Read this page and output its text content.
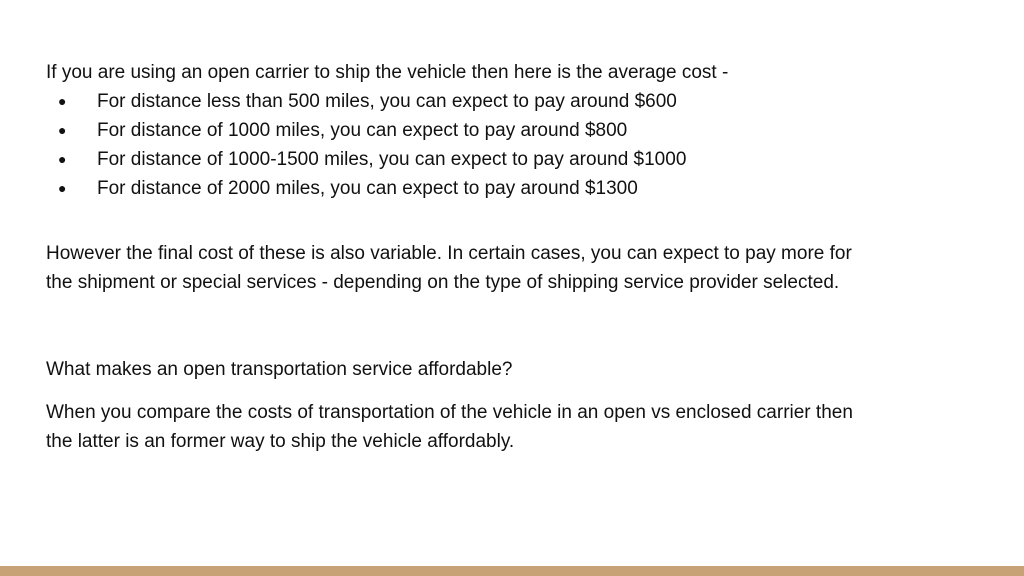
If you are using an open carrier to ship the vehicle then here is the average cost -

● For distance less than 500 miles, you can expect to pay around $600
● For distance of 1000 miles, you can expect to pay around $800
● For distance of 1000-1500 miles, you can expect to pay around $1000
● For distance of 2000 miles, you can expect to pay around $1300

However the final cost of these is also variable. In certain cases, you can expect to pay more for

the shipment or special services - depending on the type of shipping service provider selected.

What makes an open transportation service affordable?

When you compare the costs of transportation of the vehicle in an open vs enclosed carrier then

the latter is an former way to ship the vehicle affordably.
